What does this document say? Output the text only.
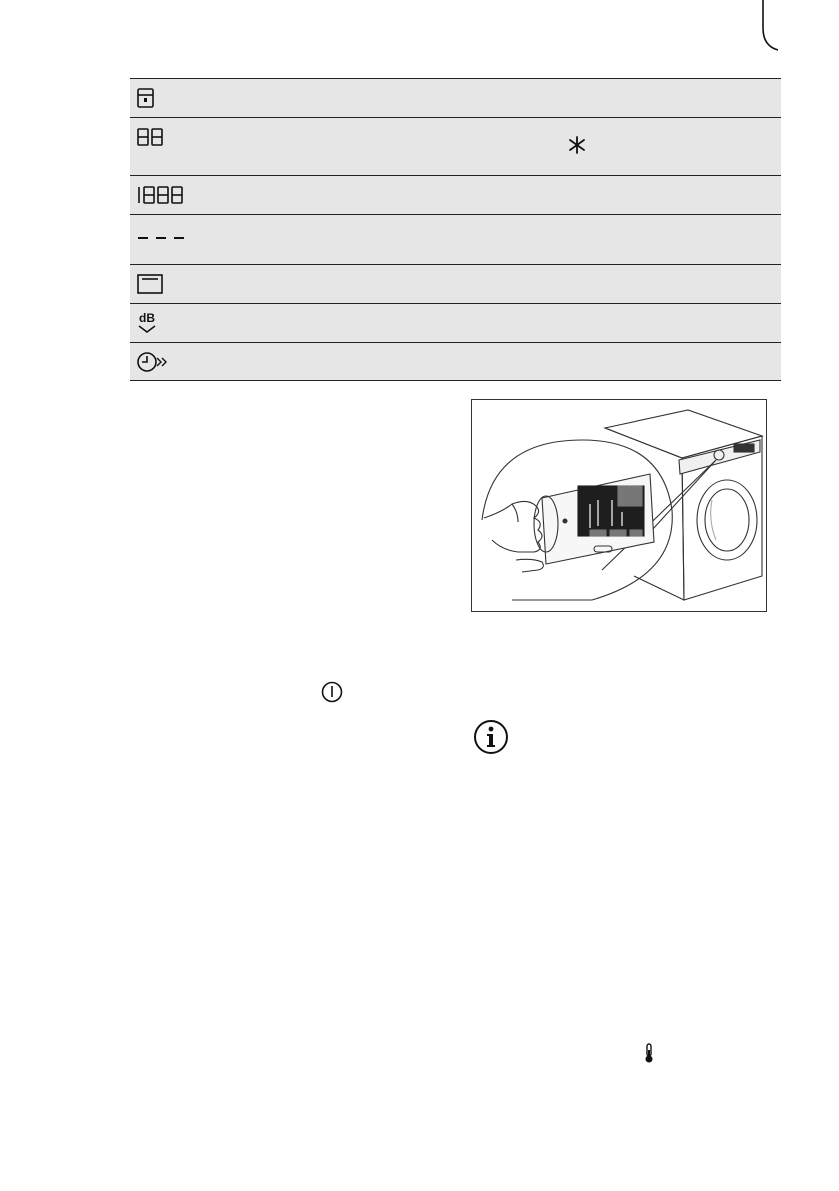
dB
